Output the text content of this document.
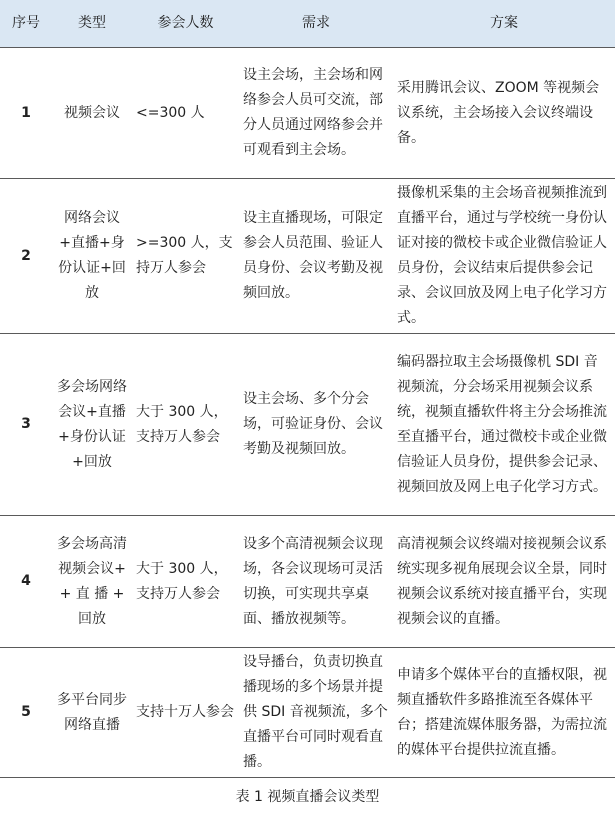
序号	类型	参会人数	需求	方案
1	视频会议	<=300 人	设主会场，主会场和网络参会人员可交流，部分人员通过网络参会并可观看到主会场。	采用腾讯会议、ZOOM 等视频会议系统，主会场接入会议终端设备。
2	网络会议+直播+身份认证+回放	>=300 人，支持万人参会	设主直播现场，可限定参会人员范围、验证人员身份、会议考勤及视频回放。	摄像机采集的主会场音视频推流到直播平台，通过与学校统一身份认证对接的微校卡或企业微信验证人员身份，会议结束后提供参会记录、会议回放及网上电子化学习方式。
3	多会场网络会议+直播+身份认证+回放	大于 300 人，支持万人参会	设主会场、多个分会场，可验证身份、会议考勤及视频回放。	编码器拉取主会场摄像机 SDI 音视频流，分会场采用视频会议系统，视频直播软件将主分会场推流至直播平台，通过微校卡或企业微信验证人员身份，提供参会记录、视频回放及网上电子化学习方式。
4	多会场高清视频会议+ + 直 播 + 回放	大于 300 人，支持万人参会	设多个高清视频会议现场，各会议现场可灵活切换，可实现共享桌面、播放视频等。	高清视频会议终端对接视频会议系统实现多视角展现会议全景，同时视频会议系统对接直播平台，实现视频会议的直播。
5	多平台同步网络直播	支持十万人参会	设导播台，负责切换直播现场的多个场景并提供 SDI 音视频流，多个直播平台可同时观看直播。	申请多个媒体平台的直播权限，视频直播软件多路推流至各媒体平台；搭建流媒体服务器，为需拉流的媒体平台提供拉流直播。
表 1 视频直播会议类型
